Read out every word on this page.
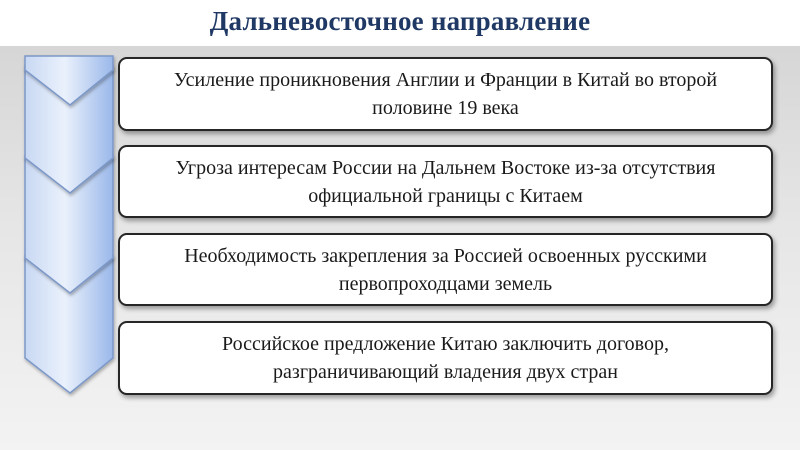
Дальневосточное направление
Усиление проникновения Англии и Франции в Китай во второй половине 19 века
Угроза интересам России на Дальнем Востоке из-за отсутствия официальной границы с Китаем
Необходимость закрепления за Россией освоенных русскими первопроходцами земель
Российское предложение Китаю заключить договор, разграничивающий владения двух стран
